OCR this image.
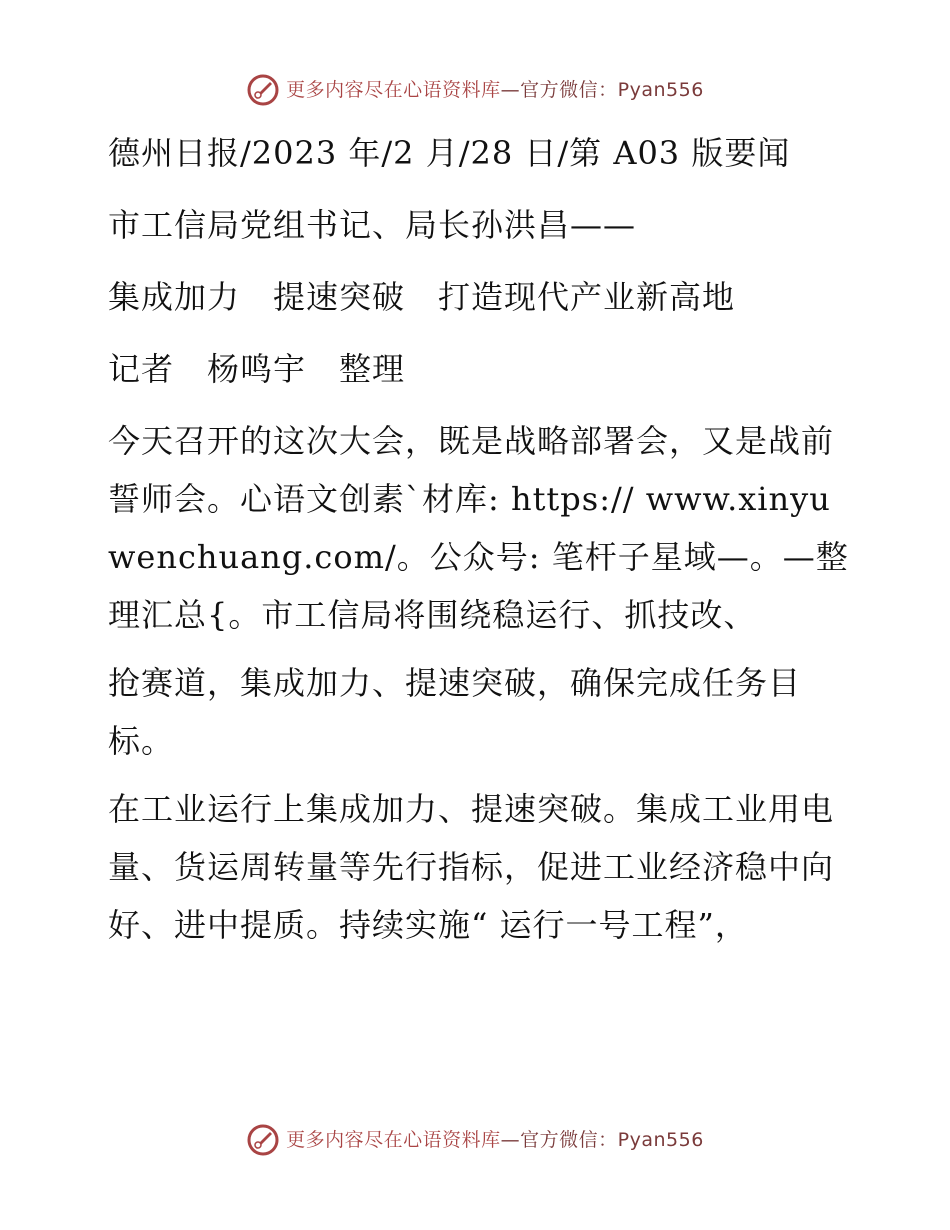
更多内容尽在心语资料库—官方微信：Pyan556

德州日报/2023 年/2 月/28 日/第 A03 版要闻

市工信局党组书记、局长孙洪昌——

集成加力　提速突破　打造现代产业新高地

记者　杨鸣宇　整理

今天召开的这次大会，既是战略部署会，又是战前誓师会。心语文创素`材库: https:// www.xinyuwenchuang.com/。公众号: 笔杆子星域—。—整理汇总{。市工信局将围绕稳运行、抓技改、

抢赛道，集成加力、提速突破，确保完成任务目标。

在工业运行上集成加力、提速突破。集成工业用电量、货运周转量等先行指标，促进工业经济稳中向好、进中提质。持续实施“ 运行一号工程”，

更多内容尽在心语资料库—官方微信：Pyan556
